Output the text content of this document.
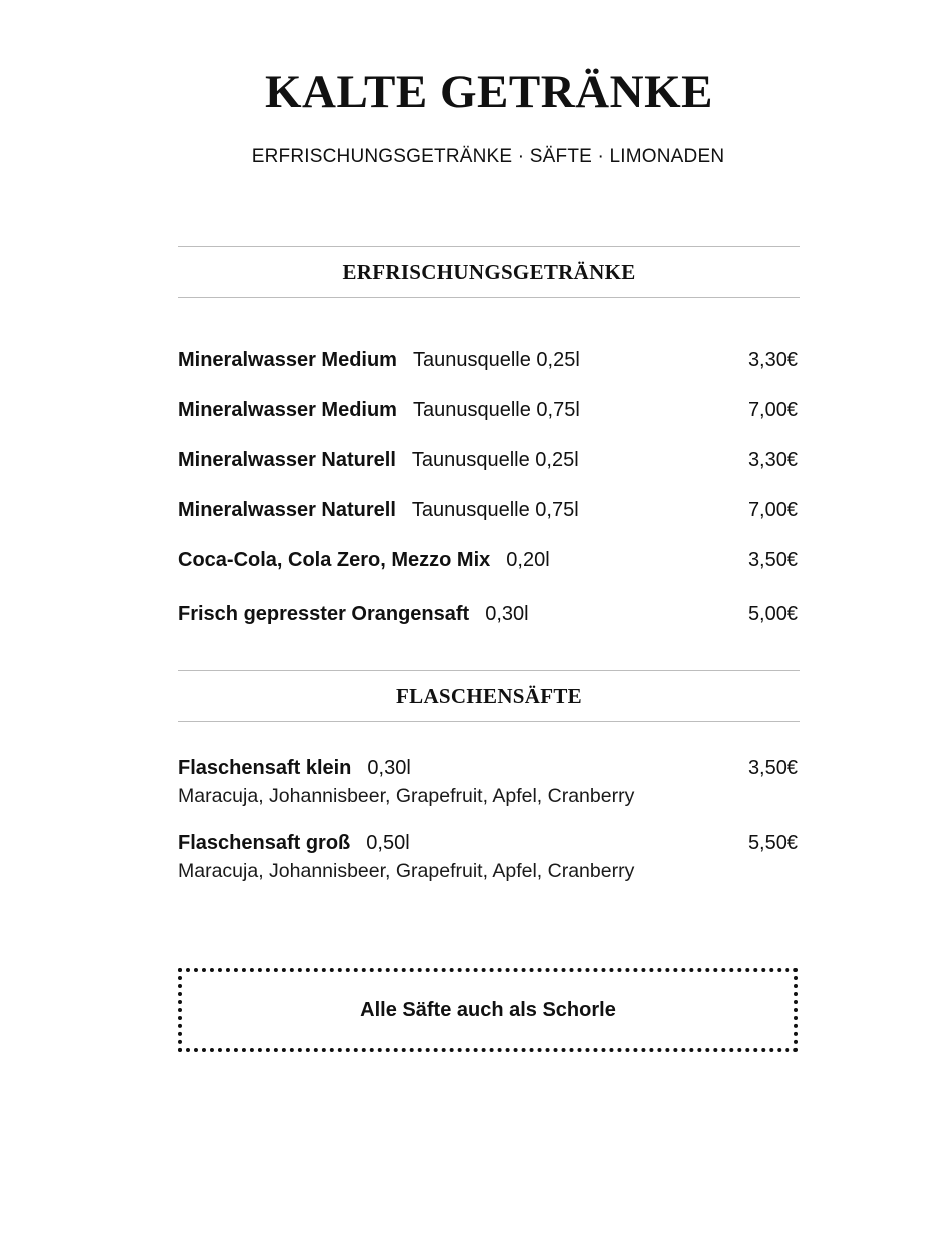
KALTE GETRÄNKE
ERFRISCHUNGSGETRÄNKE · SÄFTE · LIMONADEN
ERFRISCHUNGSGETRÄNKE
Mineralwasser Medium Taunusquelle 0,25l	3,30€
Mineralwasser Medium Taunusquelle 0,75l	7,00€
Mineralwasser Naturell Taunusquelle 0,25l	3,30€
Mineralwasser Naturell Taunusquelle 0,75l	7,00€
Coca-Cola, Cola Zero, Mezzo Mix 0,20l	3,50€
Frisch gepresster Orangensaft 0,30l	5,00€
FLASCHENSÄFTE
Flaschensaft klein 0,30l	3,50€
Maracuja, Johannisbeer, Grapefruit, Apfel, Cranberry
Flaschensaft groß 0,50l	5,50€
Maracuja, Johannisbeer, Grapefruit, Apfel, Cranberry
Alle Säfte auch als Schorle
